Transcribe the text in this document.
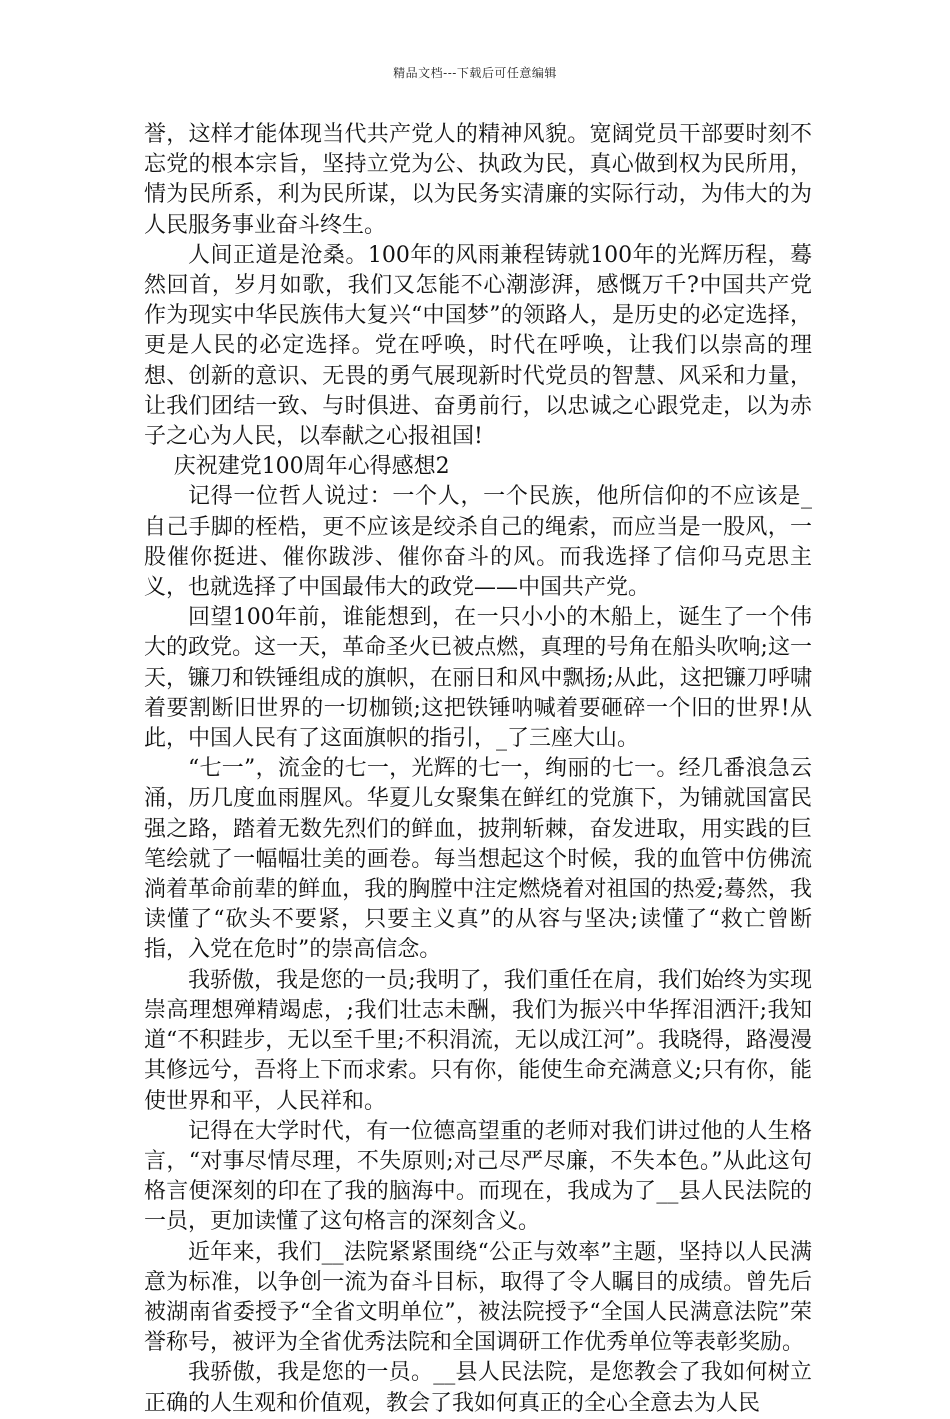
精品文档---下载后可任意编辑

誉，这样才能体现当代共产党人的精神风貌。宽阔党员干部要时刻不忘党的根本宗旨，坚持立党为公、执政为民，真心做到权为民所用，情为民所系，利为民所谋，以为民务实清廉的实际行动，为伟大的为人民服务事业奋斗终生。

人间正道是沧桑。100年的风雨兼程铸就100年的光辉历程，蓦然回首，岁月如歌，我们又怎能不心潮澎湃，感慨万千?中国共产党作为现实中华民族伟大复兴“中国梦”的领路人，是历史的必定选择，更是人民的必定选择。党在呼唤，时代在呼唤，让我们以崇高的理想、创新的意识、无畏的勇气展现新时代党员的智慧、风采和力量，让我们团结一致、与时俱进、奋勇前行，以忠诚之心跟党走，以为赤子之心为人民，以奉献之心报祖国!

庆祝建党100周年心得感想2

记得一位哲人说过：一个人，一个民族，他所信仰的不应该是_自己手脚的桎梏，更不应该是绞杀自己的绳索，而应当是一股风，一股催你挺进、催你跋涉、催你奋斗的风。而我选择了信仰马克思主义，也就选择了中国最伟大的政党——中国共产党。

回望100年前，谁能想到，在一只小小的木船上，诞生了一个伟大的政党。这一天，革命圣火已被点燃，真理的号角在船头吹响;这一天，镰刀和铁锤组成的旗帜，在丽日和风中飘扬;从此，这把镰刀呼啸着要割断旧世界的一切枷锁;这把铁锤呐喊着要砸碎一个旧的世界!从此，中国人民有了这面旗帜的指引，_了三座大山。

“七一”，流金的七一，光辉的七一，绚丽的七一。经几番浪急云涌，历几度血雨腥风。华夏儿女聚集在鲜红的党旗下，为铺就国富民强之路，踏着无数先烈们的鲜血，披荆斩棘，奋发进取，用实践的巨笔绘就了一幅幅壮美的画卷。每当想起这个时候，我的血管中仿佛流淌着革命前辈的鲜血，我的胸膛中注定燃烧着对祖国的热爱;蓦然，我读懂了“砍头不要紧，只要主义真”的从容与坚决;读懂了“救亡曾断指，入党在危时”的崇高信念。

我骄傲，我是您的一员;我明了，我们重任在肩，我们始终为实现崇高理想殚精竭虑，;我们壮志未酬，我们为振兴中华挥泪洒汗;我知道“不积跬步，无以至千里;不积涓流，无以成江河”。我晓得，路漫漫其修远兮，吾将上下而求索。只有你，能使生命充满意义;只有你，能使世界和平，人民祥和。

记得在大学时代，有一位德高望重的老师对我们讲过他的人生格言，“对事尽情尽理，不失原则;对己尽严尽廉，不失本色。”从此这句格言便深刻的印在了我的脑海中。而现在，我成为了__县人民法院的一员，更加读懂了这句格言的深刻含义。

近年来，我们__法院紧紧围绕“公正与效率”主题，坚持以人民满意为标准，以争创一流为奋斗目标，取得了令人瞩目的成绩。曾先后被湖南省委授予“全省文明单位”，被法院授予“全国人民满意法院”荣誉称号，被评为全省优秀法院和全国调研工作优秀单位等表彰奖励。

我骄傲，我是您的一员。__县人民法院，是您教会了我如何树立正确的人生观和价值观，教会了我如何真正的全心全意去为人民
